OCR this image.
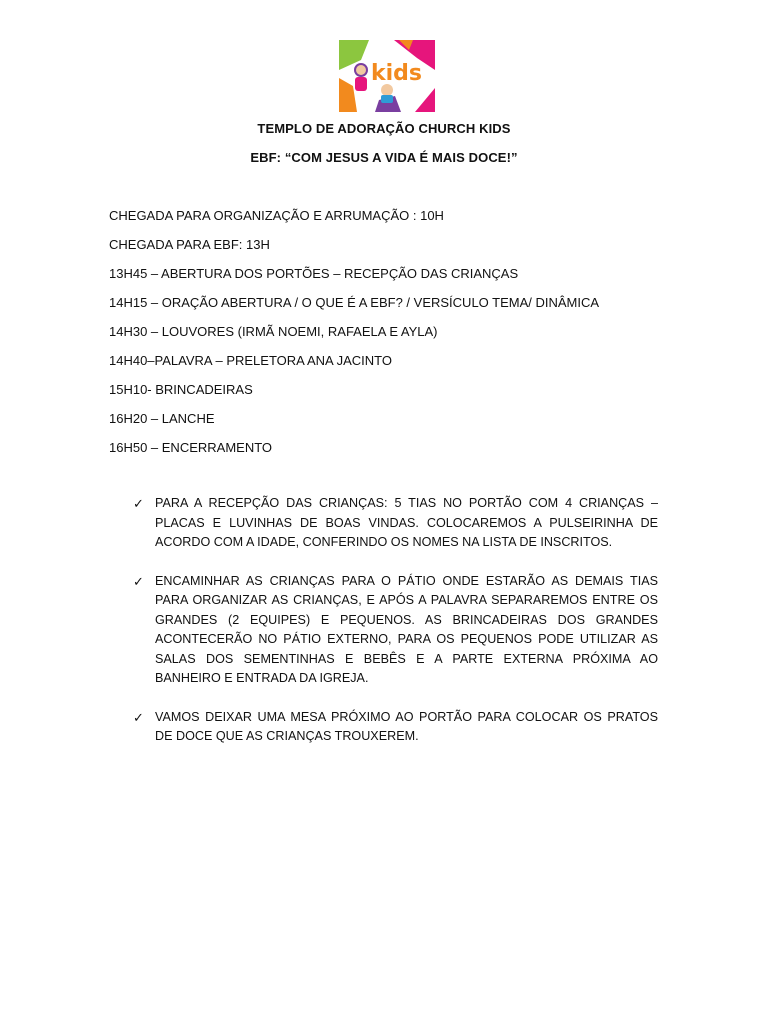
kids
TEMPLO DE ADORAÇÃO CHURCH KIDS
EBF: “COM JESUS A VIDA É MAIS DOCE!”
CHEGADA PARA ORGANIZAÇÃO E ARRUMAÇÃO : 10H
CHEGADA PARA EBF: 13H
13H45 – ABERTURA DOS PORTÕES – RECEPÇÃO DAS CRIANÇAS
14H15 – ORAÇÃO ABERTURA / O QUE É A EBF? / VERSÍCULO TEMA/ DINÂMICA
14H30 – LOUVORES (IRMÃ NOEMI, RAFAELA E AYLA)
14H40–PALAVRA – PRELETORA ANA JACINTO
15H10- BRINCADEIRAS
16H20 – LANCHE
16H50 – ENCERRAMENTO
✓ PARA A RECEPÇÃO DAS CRIANÇAS: 5 TIAS NO PORTÃO COM 4 CRIANÇAS – PLACAS E LUVINHAS DE BOAS VINDAS. COLOCAREMOS A PULSEIRINHA DE ACORDO COM A IDADE, CONFERINDO OS NOMES NA LISTA DE INSCRITOS.
✓ ENCAMINHAR AS CRIANÇAS PARA O PÁTIO ONDE ESTARÃO AS DEMAIS TIAS PARA ORGANIZAR AS CRIANÇAS, E APÓS A PALAVRA SEPARAREMOS ENTRE OS GRANDES (2 EQUIPES) E PEQUENOS. AS BRINCADEIRAS DOS GRANDES ACONTECERÃO NO PÁTIO EXTERNO, PARA OS PEQUENOS PODE UTILIZAR AS SALAS DOS SEMENTINHAS E BEBÊS E A PARTE EXTERNA PRÓXIMA AO BANHEIRO E ENTRADA DA IGREJA.
✓ VAMOS DEIXAR UMA MESA PRÓXIMO AO PORTÃO PARA COLOCAR OS PRATOS DE DOCE QUE AS CRIANÇAS TROUXEREM.
